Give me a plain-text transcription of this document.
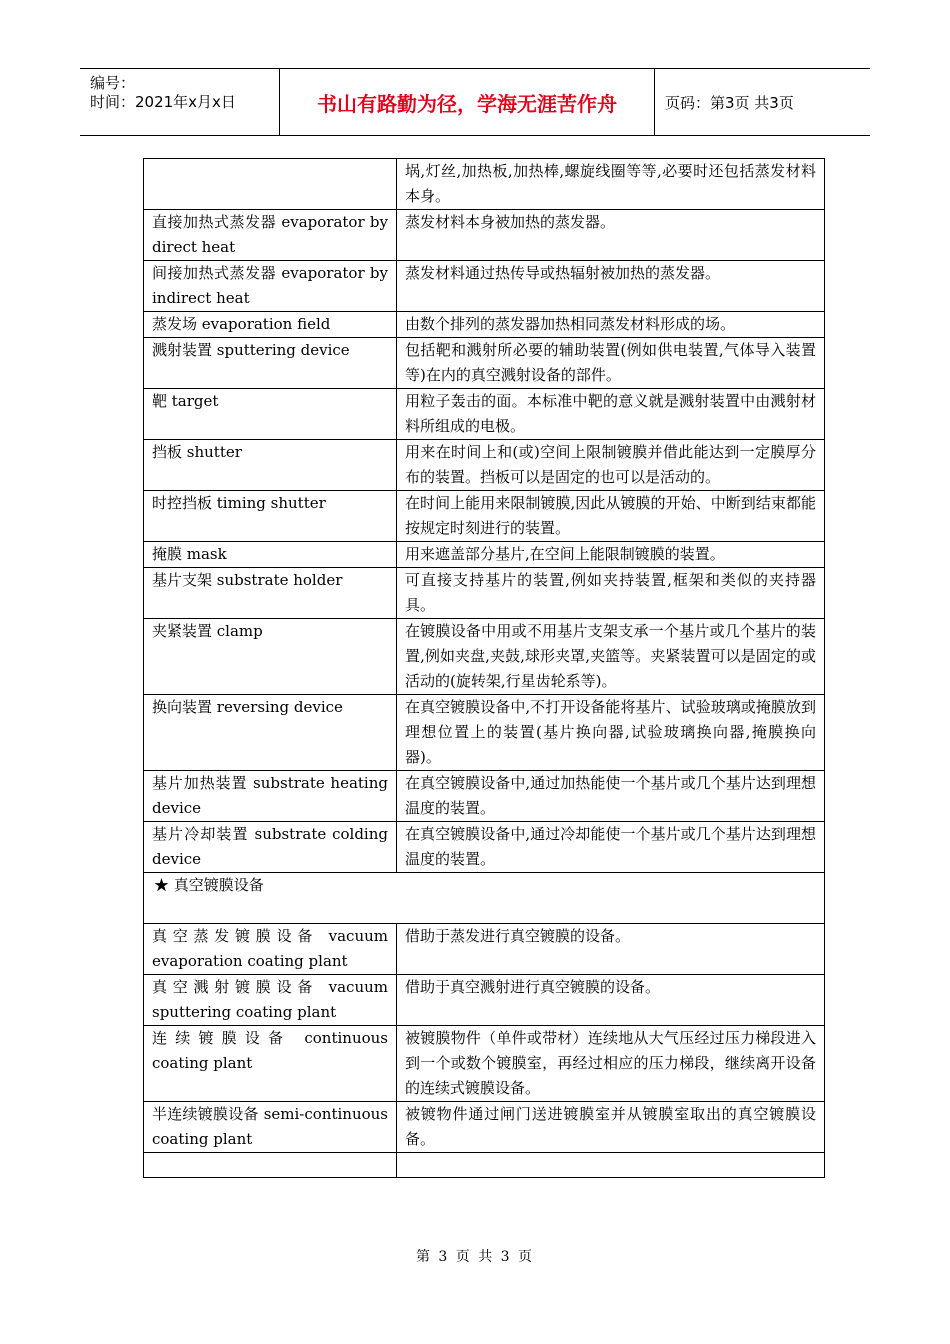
编号：
时间：2021年x月x日	书山有路勤为径，学海无涯苦作舟	页码：第3页 共3页
	埚,灯丝,加热板,加热棒,螺旋线圈等等,必要时还包括蒸发材料本身。
直接加热式蒸发器 evaporator by direct heat	蒸发材料本身被加热的蒸发器。
间接加热式蒸发器 evaporator by indirect heat	蒸发材料通过热传导或热辐射被加热的蒸发器。
蒸发场 evaporation field	由数个排列的蒸发器加热相同蒸发材料形成的场。
溅射装置 sputtering device	包括靶和溅射所必要的辅助装置(例如供电装置,气体导入装置等)在内的真空溅射设备的部件。
靶 target	用粒子轰击的面。本标准中靶的意义就是溅射装置中由溅射材料所组成的电极。
挡板 shutter	用来在时间上和(或)空间上限制镀膜并借此能达到一定膜厚分布的装置。挡板可以是固定的也可以是活动的。
时控挡板 timing shutter	在时间上能用来限制镀膜,因此从镀膜的开始、中断到结束都能按规定时刻进行的装置。
掩膜 mask	用来遮盖部分基片,在空间上能限制镀膜的装置。
基片支架 substrate holder	可直接支持基片的装置,例如夹持装置,框架和类似的夹持器具。
夹紧装置 clamp	在镀膜设备中用或不用基片支架支承一个基片或几个基片的装置,例如夹盘,夹鼓,球形夹罩,夹篮等。夹紧装置可以是固定的或活动的(旋转架,行星齿轮系等)。
换向装置 reversing device	在真空镀膜设备中,不打开设备能将基片、试验玻璃或掩膜放到理想位置上的装置(基片换向器,试验玻璃换向器,掩膜换向器)。
基片加热装置 substrate heating device	在真空镀膜设备中,通过加热能使一个基片或几个基片达到理想温度的装置。
基片冷却装置 substrate colding device	在真空镀膜设备中,通过冷却能使一个基片或几个基片达到理想温度的装置。
★ 真空镀膜设备	
真空蒸发镀膜设备 vacuum evaporation coating plant	借助于蒸发进行真空镀膜的设备。
真空溅射镀膜设备 vacuum sputtering coating plant	借助于真空溅射进行真空镀膜的设备。
连续镀膜设备 continuous coating plant	被镀膜物件（单件或带材）连续地从大气压经过压力梯段进入到一个或数个镀膜室，再经过相应的压力梯段，继续离开设备的连续式镀膜设备。
半连续镀膜设备 semi-continuous coating plant	被镀物件通过闸门送进镀膜室并从镀膜室取出的真空镀膜设备。

第 3 页 共 3 页
